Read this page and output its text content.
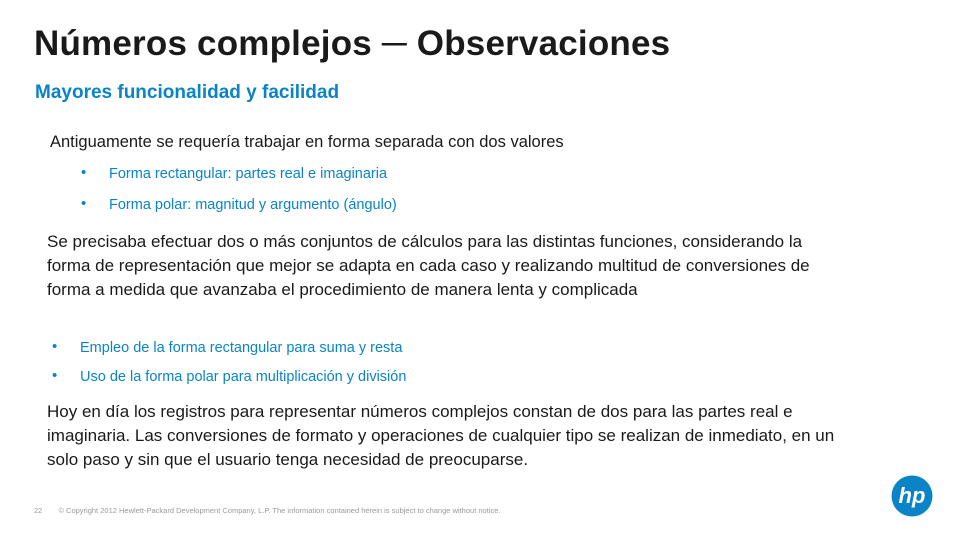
Números complejos ─ Observaciones
Mayores funcionalidad y facilidad
Antiguamente se requería trabajar en forma separada con dos valores
• Forma rectangular: partes real e imaginaria
• Forma polar: magnitud y argumento (ángulo)
Se precisaba efectuar dos o más conjuntos de cálculos para las distintas funciones, considerando la forma de representación que mejor se adapta en cada caso y realizando multitud de conversiones de forma a medida que avanzaba el procedimiento de manera lenta y complicada
• Empleo de la forma rectangular para suma y resta
• Uso de la forma polar para multiplicación y división
Hoy en día los registros para representar números complejos constan de dos para las partes real e imaginaria. Las conversiones de formato y operaciones de cualquier tipo se realizan de inmediato, en un solo paso y sin que el usuario tenga necesidad de preocuparse.
22 © Copyright 2012 Hewlett-Packard Development Company, L.P. The information contained herein is subject to change without notice.
hp
